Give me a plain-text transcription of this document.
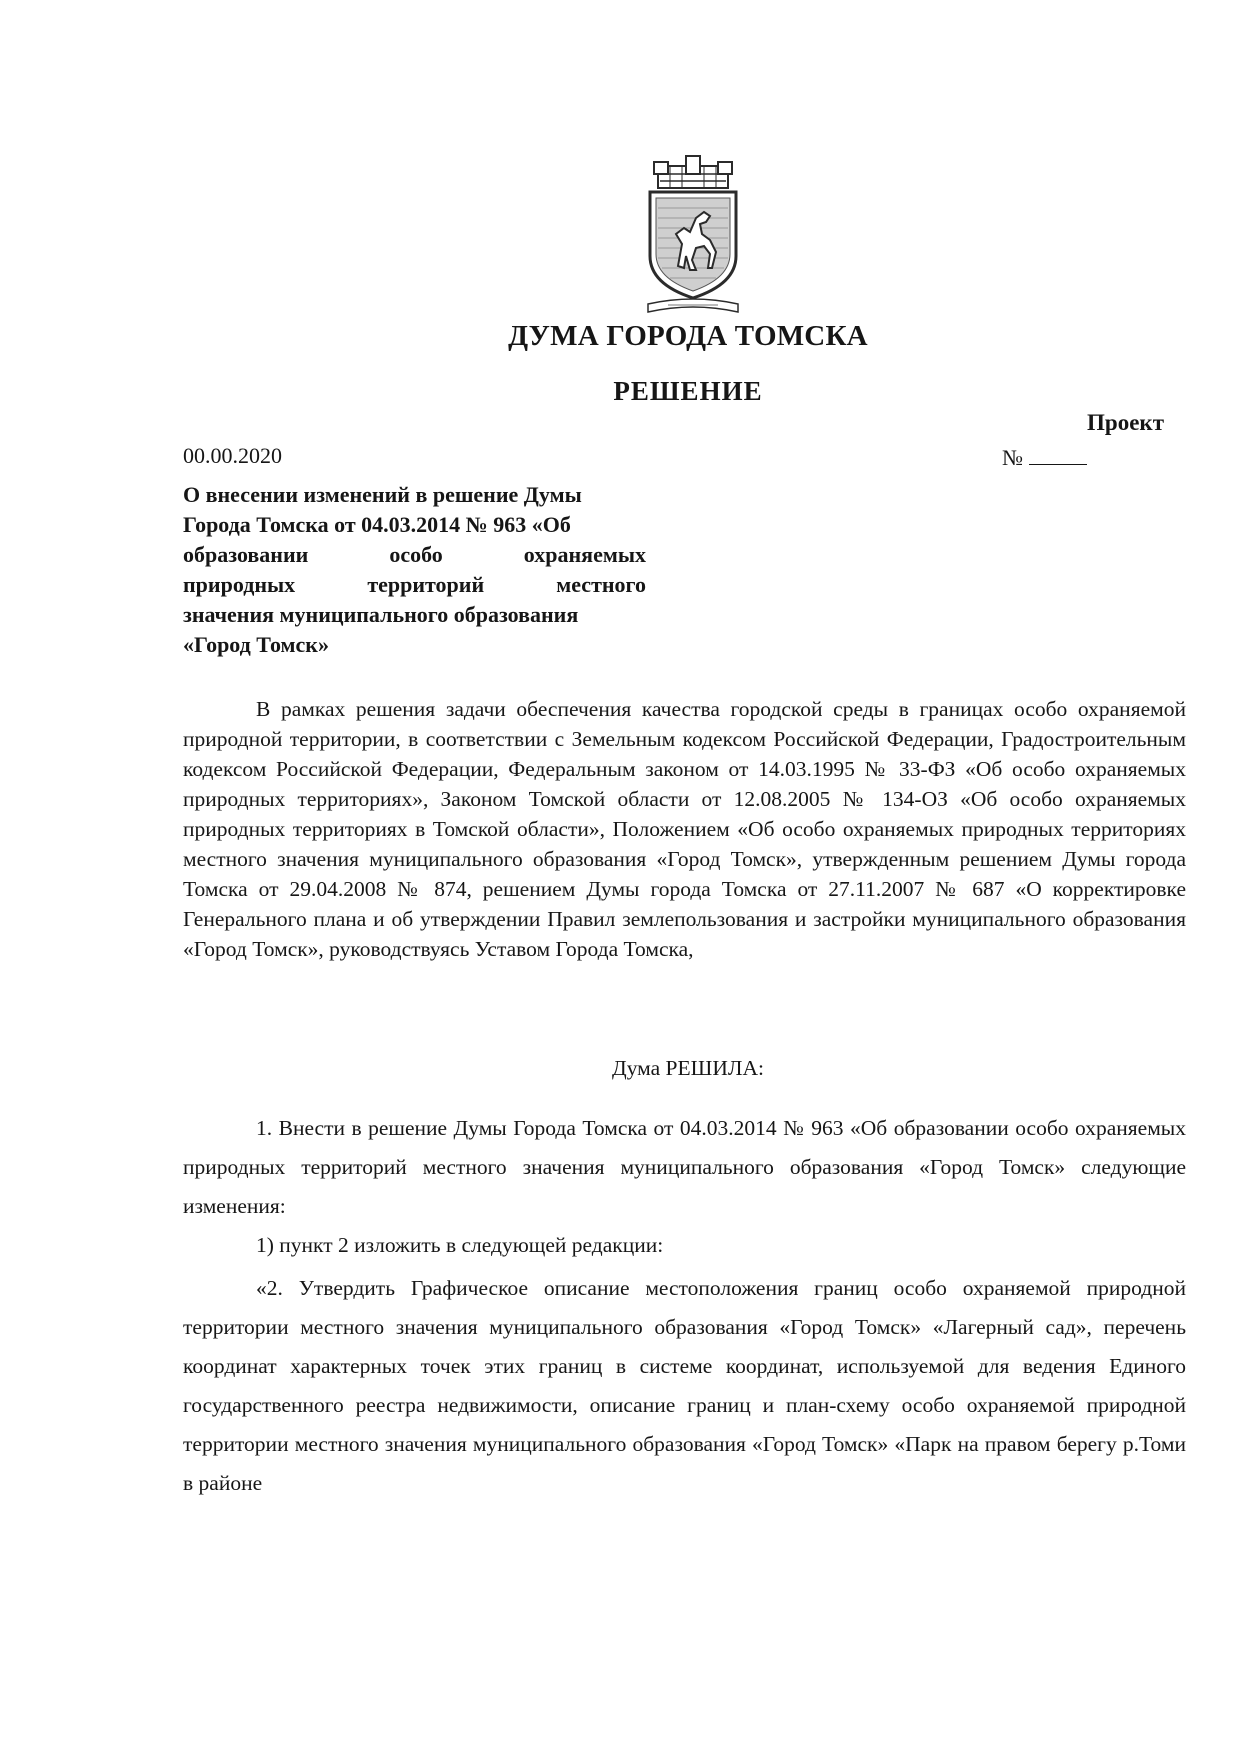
ДУМА ГОРОДА ТОМСКА
РЕШЕНИЕ
Проект
00.00.2020	№
О внесении изменений в решение Думы
Города Томска от 04.03.2014 № 963 «Об
образовании особо охраняемых
природных территорий местного
значения муниципального образования
«Город Томск»
В рамках решения задачи обеспечения качества городской среды в границах особо охраняемой природной территории, в соответствии с Земельным кодексом Российской Федерации, Градостроительным кодексом Российской Федерации, Федеральным законом от 14.03.1995 № 33-ФЗ «Об особо охраняемых природных территориях», Законом Томской области от 12.08.2005 № 134-ОЗ «Об особо охраняемых природных территориях в Томской области», Положением «Об особо охраняемых природных территориях местного значения муниципального образования «Город Томск», утвержденным решением Думы города Томска от 29.04.2008 № 874, решением Думы города Томска от 27.11.2007 № 687 «О корректировке Генерального плана и об утверждении Правил землепользования и застройки муниципального образования «Город Томск», руководствуясь Уставом Города Томска,
Дума РЕШИЛА:
1. Внести в решение Думы Города Томска от 04.03.2014 № 963 «Об образовании особо охраняемых природных территорий местного значения муниципального образования «Город Томск» следующие изменения:
1) пункт 2 изложить в следующей редакции:
«2. Утвердить Графическое описание местоположения границ особо охраняемой природной территории местного значения муниципального образования «Город Томск» «Лагерный сад», перечень координат характерных точек этих границ в системе координат, используемой для ведения Единого государственного реестра недвижимости, описание границ и план-схему особо охраняемой природной территории местного значения муниципального образования «Город Томск» «Парк на правом берегу р.Томи в районе
